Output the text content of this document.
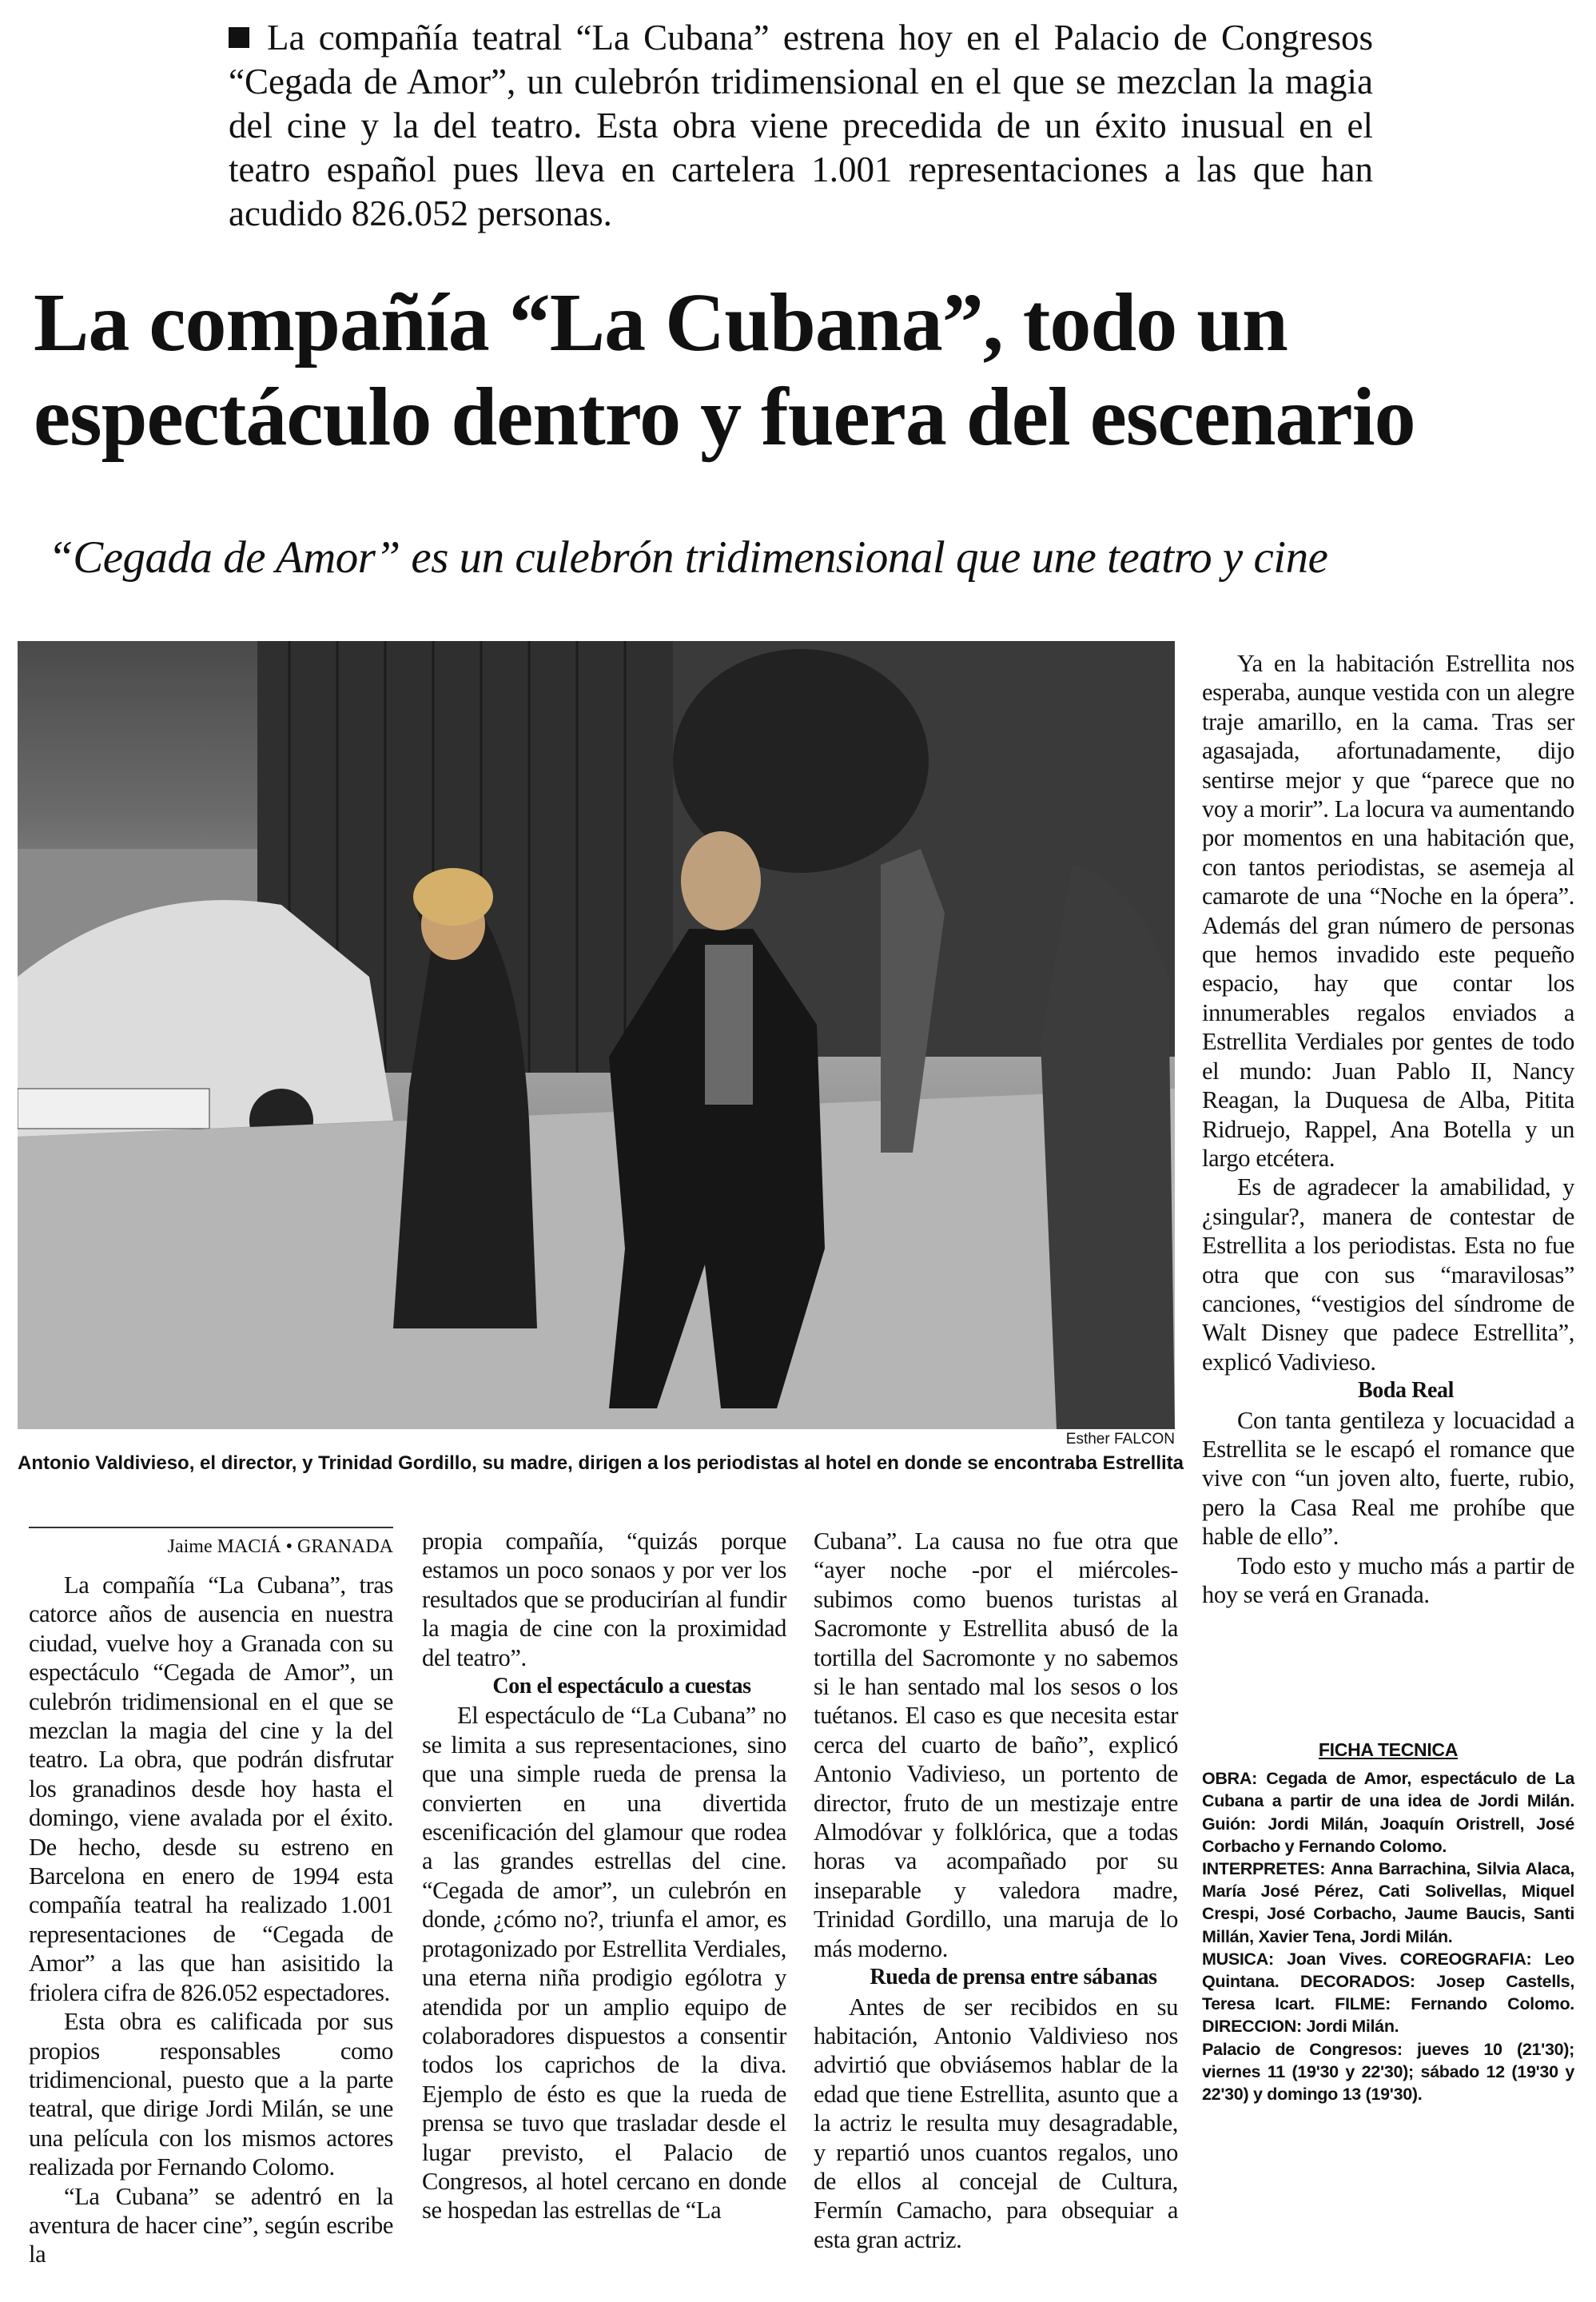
La compañía teatral “La Cubana” estrena hoy en el Palacio de Congresos “Cegada de Amor”, un culebrón tridimensional en el que se mezclan la magia del cine y la del teatro. Esta obra viene precedida de un éxito inusual en el teatro español pues lleva en cartelera 1.001 representaciones a las que han acudido 826.052 personas.
La compañía “La Cubana”, todo un espectáculo dentro y fuera del escenario
“Cegada de Amor” es un culebrón tridimensional que une teatro y cine
Esther FALCON
Antonio Valdivieso, el director, y Trinidad Gordillo, su madre, dirigen a los periodistas al hotel en donde se encontraba Estrellita
Jaime MACIÁ • GRANADA

La compañía “La Cubana”, tras catorce años de ausencia en nuestra ciudad, vuelve hoy a Granada con su espectáculo “Cegada de Amor”, un culebrón tridimensional en el que se mezclan la magia del cine y la del teatro. La obra, que podrán disfrutar los granadinos desde hoy hasta el domingo, viene avalada por el éxito. De hecho, desde su estreno en Barcelona en enero de 1994 esta compañía teatral ha realizado 1.001 representaciones de “Cegada de Amor” a las que han asisitido la friolera cifra de 826.052 espectadores.

Esta obra es calificada por sus propios responsables como tridimencional, puesto que a la parte teatral, que dirige Jordi Milán, se une una película con los mismos actores realizada por Fernando Colomo.

“La Cubana” se adentró en la aventura de hacer cine”, según escribe la

propia compañía, “quizás porque estamos un poco sonaos y por ver los resultados que se producirían al fundir la magia de cine con la proximidad del teatro”.

Con el espectáculo a cuestas

El espectáculo de “La Cubana” no se limita a sus representaciones, sino que una simple rueda de prensa la convierten en una divertida escenificación del glamour que rodea a las grandes estrellas del cine. “Cegada de amor”, un culebrón en donde, ¿cómo no?, triunfa el amor, es protagonizado por Estrellita Verdiales, una eterna niña prodigio ególotra y atendida por un amplio equipo de colaboradores dispuestos a consentir todos los caprichos de la diva. Ejemplo de ésto es que la rueda de prensa se tuvo que trasladar desde el lugar previsto, el Palacio de Congresos, al hotel cercano en donde se hospedan las estrellas de “La

Cubana”. La causa no fue otra que “ayer noche -por el miércoles- subimos como buenos turistas al Sacromonte y Estrellita abusó de la tortilla del Sacromonte y no sabemos si le han sentado mal los sesos o los tuétanos. El caso es que necesita estar cerca del cuarto de baño”, explicó Antonio Vadivieso, un portento de director, fruto de un mestizaje entre Almodóvar y folklórica, que a todas horas va acompañado por su inseparable y valedora madre, Trinidad Gordillo, una maruja de lo más moderno.

Rueda de prensa entre sábanas

Antes de ser recibidos en su habitación, Antonio Valdivieso nos advirtió que obviásemos hablar de la edad que tiene Estrellita, asunto que a la actriz le resulta muy desagradable, y repartió unos cuantos regalos, uno de ellos al concejal de Cultura, Fermín Camacho, para obsequiar a esta gran actriz.

Ya en la habitación Estrellita nos esperaba, aunque vestida con un alegre traje amarillo, en la cama. Tras ser agasajada, afortunadamente, dijo sentirse mejor y que “parece que no voy a morir”. La locura va aumentando por momentos en una habitación que, con tantos periodistas, se asemeja al camarote de una “Noche en la ópera”. Además del gran número de personas que hemos invadido este pequeño espacio, hay que contar los innumerables regalos enviados a Estrellita Verdiales por gentes de todo el mundo: Juan Pablo II, Nancy Reagan, la Duquesa de Alba, Pitita Ridruejo, Rappel, Ana Botella y un largo etcétera.

Es de agradecer la amabilidad, y ¿singular?, manera de contestar de Estrellita a los periodistas. Esta no fue otra que con sus “maravilosas” canciones, “vestigios del síndrome de Walt Disney que padece Estrellita”, explicó Vadivieso.

Boda Real

Con tanta gentileza y locuacidad a Estrellita se le escapó el romance que vive con “un joven alto, fuerte, rubio, pero la Casa Real me prohíbe que hable de ello”.

Todo esto y mucho más a partir de hoy se verá en Granada.

FICHA TECNICA

OBRA: Cegada de Amor, espectáculo de La Cubana a partir de una idea de Jordi Milán. Guión: Jordi Milán, Joaquín Oristrell, José Corbacho y Fernando Colomo.

INTERPRETES: Anna Barrachina, Silvia Alaca, María José Pérez, Cati Solivellas, Miquel Crespi, José Corbacho, Jaume Baucis, Santi Millán, Xavier Tena, Jordi Milán.

MUSICA: Joan Vives. COREOGRAFIA: Leo Quintana. DECORADOS: Josep Castells, Teresa Icart. FILME: Fernando Colomo. DIRECCION: Jordi Milán.

Palacio de Congresos: jueves 10 (21'30); viernes 11 (19'30 y 22'30); sábado 12 (19'30 y 22'30) y domingo 13 (19'30).
